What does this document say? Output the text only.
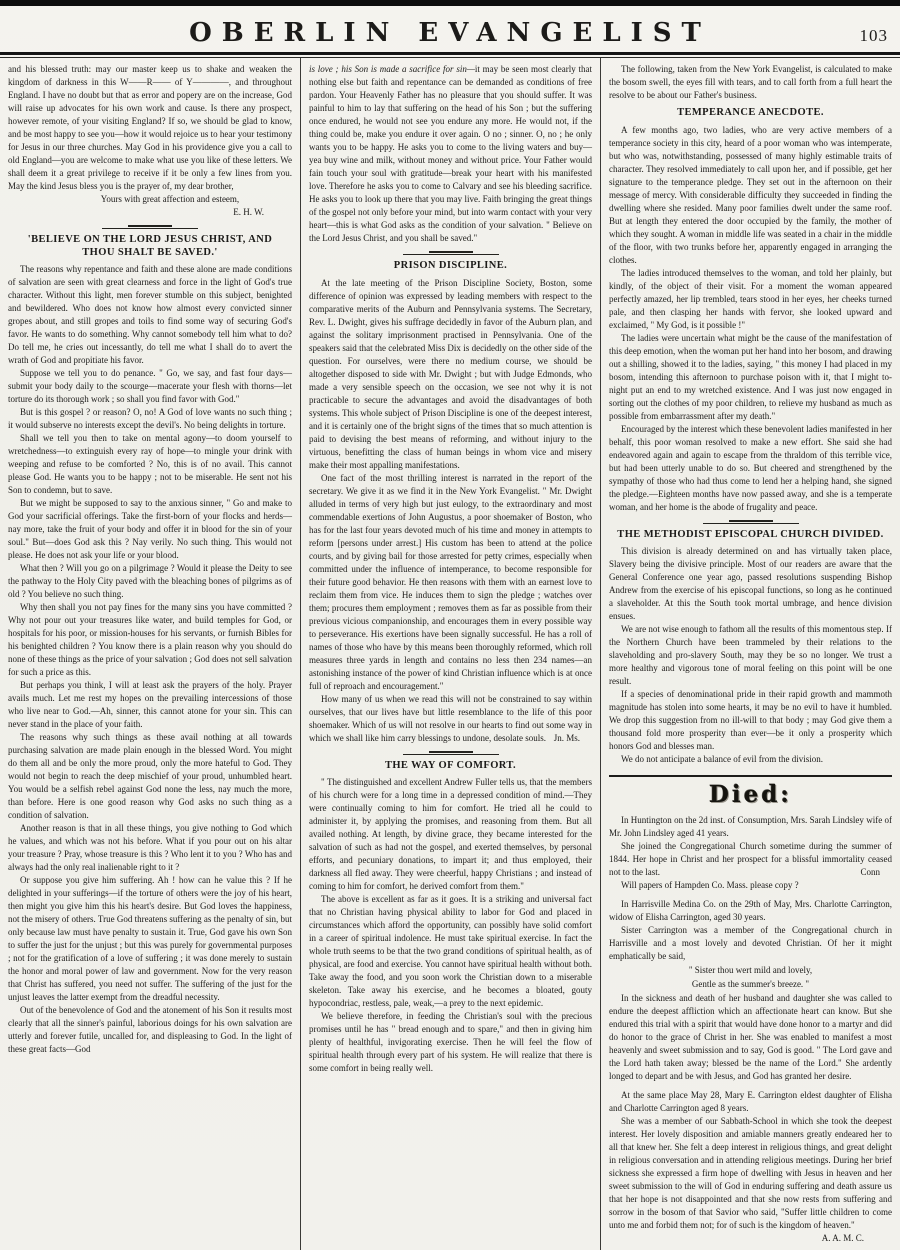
OBERLIN EVANGELIST	103

and his blessed truth: may our master keep us to shake and weaken the kingdom of darkness in this W——R—— of Y————, and throughout England. I have no doubt but that as error and popery are on the increase, God will raise up advocates for his own work and cause. Is there any prospect, however remote, of your visiting England? If so, we should be glad to know, and be most happy to see you—how it would rejoice us to hear your testimony for Jesus in our three churches. May God in his providence give you a call to old England—you are welcome to make what use you like of these letters. We shall deem it a great privilege to receive if it be only a few lines from you. May the kind Jesus bless you is the prayer of, my dear brother,

Yours with great affection and esteem,

E. H. W.

'BELIEVE ON THE LORD JESUS CHRIST, AND THOU SHALT BE SAVED.'

The reasons why repentance and faith and these alone are made conditions of salvation are seen with great clearness and force in the light of God's true character. Without this light, men forever stumble on this subject, benighted and bewildered. Who does not know how almost every convicted sinner gropes about, and still gropes and toils to find some way of securing God's favor. He wants to do something. Why cannot somebody tell him what to do? Do tell me, he cries out incessantly, do tell me what I shall do to avert the wrath of God and propitiate his favor.

Suppose we tell you to do penance. " Go, we say, and fast four days—submit your body daily to the scourge—macerate your flesh with thorns—let torture do its thorough work ; so shall you find favor with God."

But is this gospel ? or reason? O, no! A God of love wants no such thing ; it would subserve no interests except the devil's. No being delights in torture.

Shall we tell you then to take on mental agony—to doom yourself to wretchedness—to extinguish every ray of hope—to mingle your drink with weeping and refuse to be comforted ? No, this is of no avail. This cannot please God. He wants you to be happy ; not to be miserable. He sent not his Son to condemn, but to save.

But we might be supposed to say to the anxious sinner, " Go and make to God your sacrificial offerings. Take the first-born of your flocks and herds—nay more, take the fruit of your body and offer it in blood for the sin of your soul." But—does God ask this ? Nay verily. No such thing. This would not please. He does not ask your life or your blood.

What then ? Will you go on a pilgrimage ? Would it please the Deity to see the pathway to the Holy City paved with the bleaching bones of pilgrims as of old ? You believe no such thing.

Why then shall you not pay fines for the many sins you have committed ? Why not pour out your treasures like water, and build temples for God, or hospitals for his poor, or mission-houses for his servants, or furnish Bibles for his benighted children ? You know there is a plain reason why you should do none of these things as the price of your salvation ; God does not sell salvation for such a price as this.

But perhaps you think, I will at least ask the prayers of the holy. Prayer avails much. Let me rest my hopes on the prevailing intercessions of those who live near to God.—Ah, sinner, this cannot atone for your sin. This can never stand in the place of your faith.

The reasons why such things as these avail nothing at all towards purchasing salvation are made plain enough in the blessed Word. You might do them all and be only the more proud, only the more hateful to God. They would not begin to reach the deep mischief of your proud, unhumbled heart. You would be a selfish rebel against God none the less, nay much the more, than before. Here is one good reason why God asks no such thing as a condition of salvation.

Another reason is that in all these things, you give nothing to God which he values, and which was not his before. What if you pour out on his altar your treasure ? Pray, whose treasure is this ? Who lent it to you ? Who has and always had the only real inalienable right to it ?

Or suppose you give him suffering. Ah ! how can he value this ? If he delighted in your sufferings—if the torture of others were the joy of his heart, then might you give him this his heart's desire. But God loves the happiness, not the misery of others. True God threatens suffering as the penalty of sin, but only because law must have penalty to sustain it. True, God gave his own Son to suffer the just for the unjust ; but this was purely for governmental purposes ; not for the gratification of a love of suffering ; it was done merely to sustain the honor and moral power of law and government. Now for the very reason that Christ has suffered, you need not suffer. The suffering of the just for the unjust leaves the latter exempt from the dreadful necessity.

Out of the benevolence of God and the atonement of his Son it results most clearly that all the sinner's painful, laborious doings for his own salvation are utterly and forever futile, uncalled for, and displeasing to God. In the light of these great facts—God

is love ; his Son is made a sacrifice for sin—it may be seen most clearly that nothing else but faith and repentance can be demanded as conditions of free pardon. Your Heavenly Father has no pleasure that you should suffer. It was painful to him to lay that suffering on the head of his Son ; but the suffering once endured, he would not see you endure any more. He would not, if the thing could be, make you endure it over again. O no ; sinner. O, no ; he only wants you to be happy. He asks you to come to the living waters and buy—yea buy wine and milk, without money and without price. Your Father would fain touch your soul with gratitude—break your heart with his manifested love. Therefore he asks you to come to Calvary and see his bleeding sacrifice. He asks you to look up there that you may live. Faith bringing the great things of the gospel not only before your mind, but into warm contact with your very heart—this is what God asks as the condition of your salvation. " Believe on the Lord Jesus Christ, and you shall be saved."

PRISON DISCIPLINE.

At the late meeting of the Prison Discipline Society, Boston, some difference of opinion was expressed by leading members with respect to the comparative merits of the Auburn and Pennsylvania systems. The Secretary, Rev. L. Dwight, gives his suffrage decidedly in favor of the Auburn plan, and against the solitary imprisonment practised in Pennsylvania. One of the speakers said that the celebrated Miss Dix is decidedly on the other side of the question. For ourselves, were there no medium course, we should be altogether disposed to side with Mr. Dwight ; but with Judge Edmonds, who made a very sensible speech on the occasion, we see not why it is not practicable to secure the advantages and avoid the disadvantages of both systems. This whole subject of Prison Discipline is one of the deepest interest, and it is certainly one of the bright signs of the times that so much attention is paid to devising the best means of reforming, and without injury to the virtuous, benefitting the class of human beings in whom vice and misery make their most appalling manifestations.

One fact of the most thrilling interest is narrated in the report of the secretary. We give it as we find it in the New York Evangelist. " Mr. Dwight alluded in terms of very high but just eulogy, to the extraordinary and most commendable exertions of John Augustus, a poor shoemaker of Boston, who has for the last four years devoted much of his time and money in attempts to reform [persons under arrest.] His custom has been to attend at the police courts, and by giving bail for those arrested for petty crimes, especially when committed under the influence of intemperance, to become responsible for their future good behavior. He then reasons with them with an earnest love to reclaim them from vice. He induces them to sign the pledge ; watches over them; procures them employment ; removes them as far as possible from their previous vicious companionship, and encourages them in every possible way to perseverance. His exertions have been signally successful. He has a roll of names of those who have by this means been thoroughly reformed, which roll measures three yards in length and contains no less then 234 names—an astonishing instance of the power of kind Christian influence which is at once full of reproach and encouragement."

How many of us when we read this will not be constrained to say within ourselves, that our lives have but little resemblance to the life of this poor shoemaker. Which of us will not resolve in our hearts to find out some way in which we shall like him carry blessings to undone, desolate souls. Jn. Ms.

THE WAY OF COMFORT.

" The distinguished and excellent Andrew Fuller tells us, that the members of his church were for a long time in a depressed condition of mind.—They were continually coming to him for comfort. He tried all he could to administer it, by applying the promises, and reasoning from them. But all availed nothing. At length, by divine grace, they became interested for the salvation of such as had not the gospel, and exerted themselves, by personal efforts, and pecuniary donations, to impart it; and thus employed, their darkness all fled away. They were cheerful, happy Christians ; and instead of coming to him for comfort, he derived comfort from them."

The above is excellent as far as it goes. It is a striking and universal fact that no Christian having physical ability to labor for God and placed in circumstances which afford the opportunity, can possibly have solid comfort in a career of spiritual indolence. He must take spiritual exercise. In fact the whole truth seems to be that the two grand conditions of spiritual health, as of physical, are food and exercise. You cannot have spiritual health without both. Take away the food, and you soon work the Christian down to a miserable skeleton. Take away his exercise, and he becomes a bloated, gouty hypocondriac, restless, pale, weak,—a prey to the next epidemic.

We believe therefore, in feeding the Christian's soul with the precious promises until he has " bread enough and to spare," and then in giving him plenty of healthful, invigorating exercise. Then he will feel the flow of spiritual health through every part of his system. He will realize that there is some comfort in being really well.

The following, taken from the New York Evangelist, is calculated to make the bosom swell, the eyes fill with tears, and to call forth from a full heart the resolve to be about our Father's business.

TEMPERANCE ANECDOTE.

A few months ago, two ladies, who are very active members of a temperance society in this city, heard of a poor woman who was intemperate, but who was, notwithstanding, possessed of many highly estimable traits of character. They resolved immediately to call upon her, and if possible, get her signature to the temperance pledge. They set out in the afternoon on their message of mercy. With considerable difficulty they succeeded in finding the dwelling where she resided. Many poor families dwelt under the same roof. But at length they entered the door occupied by the family, the mother of which they sought. A woman in middle life was seated in a chair in the middle of the floor, with two trunks before her, apparently engaged in arranging the clothes.

The ladies introduced themselves to the woman, and told her plainly, but kindly, of the object of their visit. For a moment the woman appeared perfectly amazed, her lip trembled, tears stood in her eyes, her cheeks turned pale, and then clasping her hands with fervor, she looked upward and exclaimed, " My God, is it possible !"

The ladies were uncertain what might be the cause of the manifestation of this deep emotion, when the woman put her hand into her bosom, and drawing out a shilling, showed it to the ladies, saying, " this money I had placed in my bosom, intending this afternoon to purchase poison with it, that I might to-night put an end to my wretched existence. And I was just now engaged in sorting out the clothes of my poor children, to relieve my husband as much as possible from embarrassment after my death."

Encouraged by the interest which these benevolent ladies manifested in her behalf, this poor woman resolved to make a new effort. She said she had endeavored again and again to escape from the thraldom of this terrible vice, but had been utterly unable to do so. But cheered and strengthened by the sympathy of those who had thus come to lend her a helping hand, she signed the pledge.—Eighteen months have now passed away, and she is a temperate woman, and her home is the abode of frugality and peace.

THE METHODIST EPISCOPAL CHURCH DIVIDED.

This division is already determined on and has virtually taken place, Slavery being the divisive principle. Most of our readers are aware that the General Conference one year ago, passed resolutions suspending Bishop Andrew from the exercise of his episcopal functions, so long as he continued a slaveholder. At this the South took mortal umbrage, and hence division ensues.

We are not wise enough to fathom all the results of this momentous step. If the Northern Church have been trammeled by their relations to the slaveholding and pro-slavery South, may they be so no longer. We trust a more healthy and vigorous tone of moral feeling on this point will be one result.

If a species of denominational pride in their rapid growth and mammoth magnitude has stolen into some hearts, it may be no evil to have it humbled. We drop this suggestion from no ill-will to that body ; may God give them a thousand fold more prosperity than ever—be it only a prosperity which honors God and blesses man.

We do not anticipate a balance of evil from the division.

Died:

In Huntington on the 2d inst. of Consumption, Mrs. Sarah Lindsley wife of Mr. John Lindsley aged 41 years.

She joined the Congregational Church sometime during the summer of 1844. Her hope in Christ and her prospect for a blissful immortality ceased not to the last.	Conn

Will papers of Hampden Co. Mass. please copy ?

In Harrisville Medina Co. on the 29th of May, Mrs. Charlotte Carrington, widow of Elisha Carrington, aged 30 years.

Sister Carrington was a member of the Congregational church in Harrisville and a most lovely and devoted Christian. Of her it might emphatically be said,

" Sister thou wert mild and lovely,

Gentle as the summer's breeze. "

In the sickness and death of her husband and daughter she was called to endure the deepest affliction which an affectionate heart can know. But she endured this trial with a spirit that would have done honor to a martyr and did do honor to the grace of Christ in her. She was enabled to manifest a most heavenly and sweet submission and to say, God is good. " The Lord gave and the Lord hath taken away; blessed be the name of the Lord." She ardently longed to depart and be with Jesus, and God has granted her desire.

At the same place May 28, Mary E. Carrington eldest daughter of Elisha and Charlotte Carrington aged 8 years.

She was a member of our Sabbath-School in which she took the deepest interest. Her lovely disposition and amiable manners greatly endeared her to all that knew her. She felt a deep interest in religious things, and great delight in religious conversation and in attending religious meetings. During her brief sickness she expressed a firm hope of dwelling with Jesus in heaven and her sweet submission to the will of God in enduring suffering and death assure us that her hope is not disappointed and that she now rests from suffering and sorrow in the bosom of that Savior who said, "Suffer little children to come unto me and forbid them not; for of such is the kingdom of heaven."

A. A. M. C.
